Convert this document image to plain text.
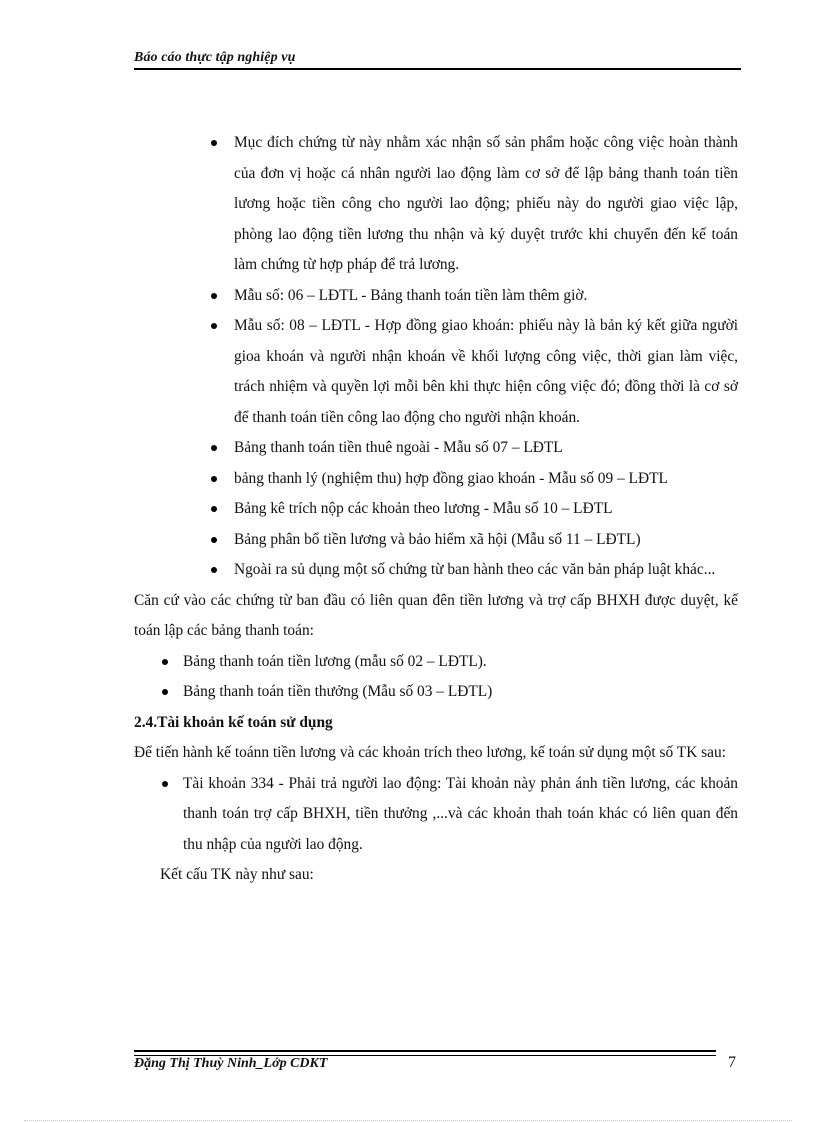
Báo cáo thực tập nghiệp vụ
Mục đích chứng từ này nhằm xác nhận số sản phẩm hoặc công việc hoàn thành của đơn vị hoặc cá nhân người lao động làm cơ sở để lập bảng thanh toán tiền lương hoặc tiền công cho người lao động; phiếu này do người giao việc lập, phòng lao động tiền lương thu nhận và ký duyệt trước khi chuyển đến kế toán làm chứng từ hợp pháp để trả lương.
Mẫu số: 06 – LĐTL - Bảng thanh toán tiền làm thêm giờ.
Mẫu số: 08 – LĐTL - Hợp đồng giao khoán: phiếu này là bản ký kết giữa người gioa khoán và người nhận khoán về khối lượng công việc, thời gian làm việc, trách nhiệm và quyền lợi mỗi bên khi thực hiện công việc đó; đồng thời là cơ sở để thanh toán tiền công lao động cho người nhận khoán.
Bảng thanh toán tiền thuê ngoài - Mẫu số 07 – LĐTL
bảng thanh lý (nghiệm thu) hợp đồng giao khoán - Mẫu số 09 – LĐTL
Bảng kê trích nộp các khoản theo lương - Mẫu số 10 – LĐTL
Bảng phân bổ tiền lương và bảo hiểm xã hội (Mẫu số 11 – LĐTL)
Ngoài ra sủ dụng một số chứng từ ban hành theo các văn bản pháp luật khác...

Căn cứ vào các chứng từ ban đầu có liên quan đên tiền lương và trợ cấp BHXH được duyệt, kế toán lập các bảng thanh toán:

Bảng thanh toán tiền lương (mẫu số 02 – LĐTL).
Bảng thanh toán tiền thưởng (Mẫu số 03 – LĐTL)

2.4.Tài khoản kế toán sử dụng

Để tiến hành kế toánn tiền lương và các khoản trích theo lương, kế toán sử dụng một số TK sau:

Tài khoản 334 - Phải trả người lao động: Tài khoản này phản ánh tiền lương, các khoản thanh toán trợ cấp BHXH, tiền thưởng ,...và các khoản thah toán khác có liên quan đến thu nhập của người lao động.

Kết cấu TK này như sau:

Đặng Thị Thuỳ Ninh_Lớp CDKT	7
